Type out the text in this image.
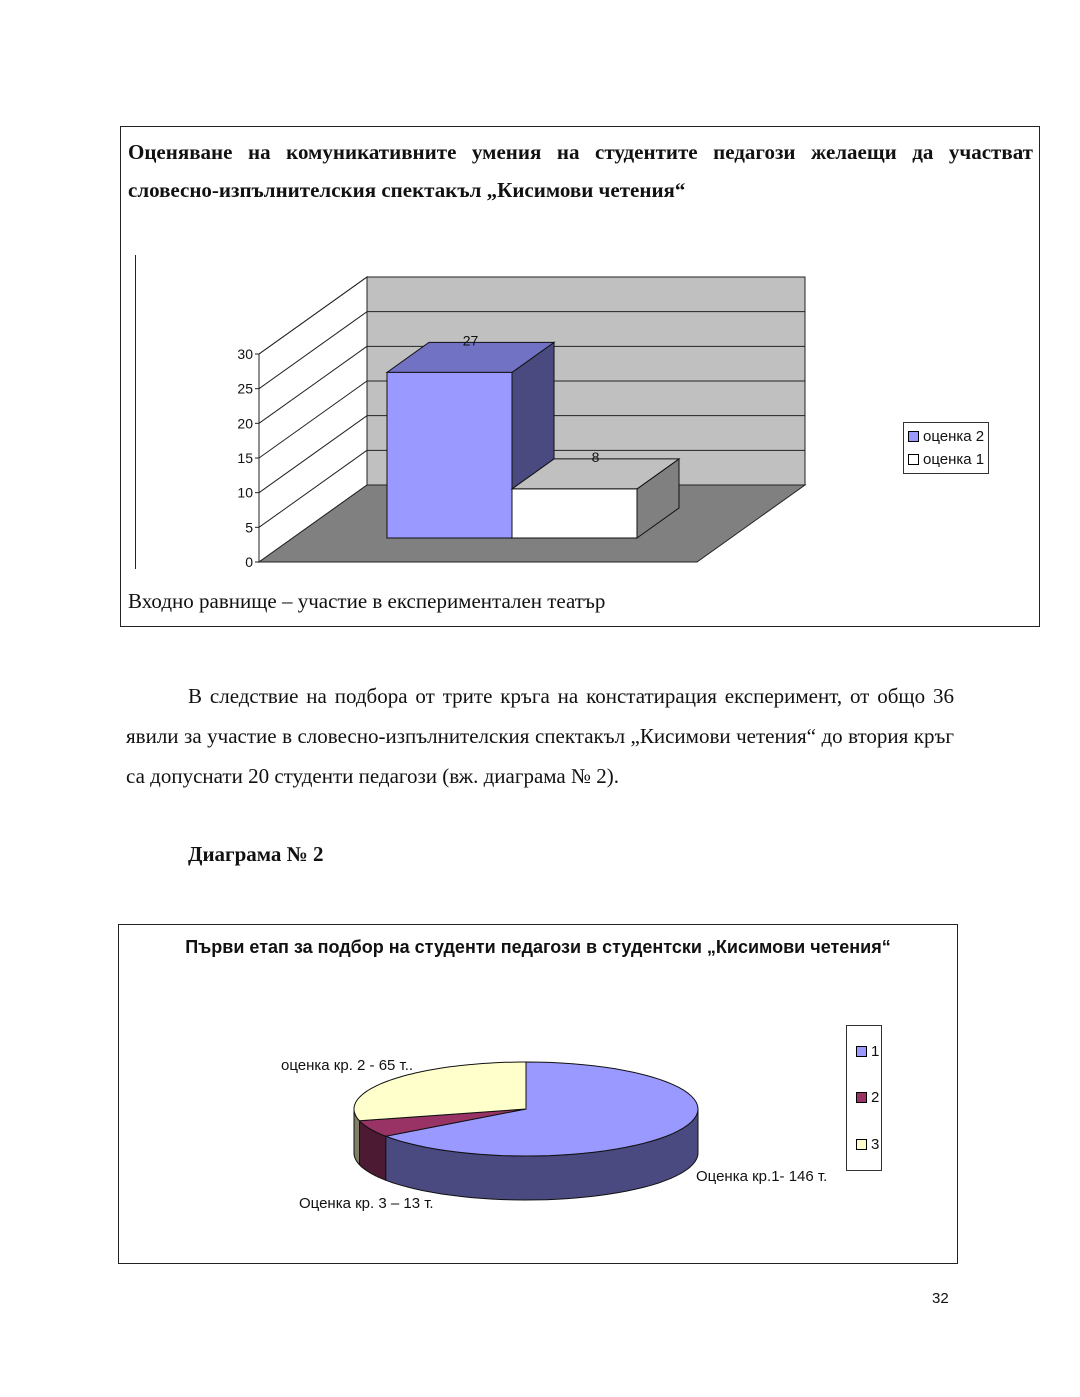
Оценяване на комуникативните умения на студентите педагози желаещи да участват словесно-изпълнителския спектакъл „Кисимови четения“

0
5
10
15
20
25
30
27
8
оценка 2
оценка 1

Входно равнище – участие в експериментален театър

В следствие на подбора от трите кръга на констатирация експеримент, от общо 36 явили за участие в словесно-изпълнителския спектакъл „Кисимови четения“ до втория кръг са допуснати 20 студенти педагози (вж. диаграма № 2).

Диаграма № 2

Първи етап за подбор на студенти педагози в студентски „Кисимови четения“

оценка кр. 2 - 65 т..
Оценка кр.1- 146 т.
Оценка кр. 3 – 13 т.
1
2
3
32
